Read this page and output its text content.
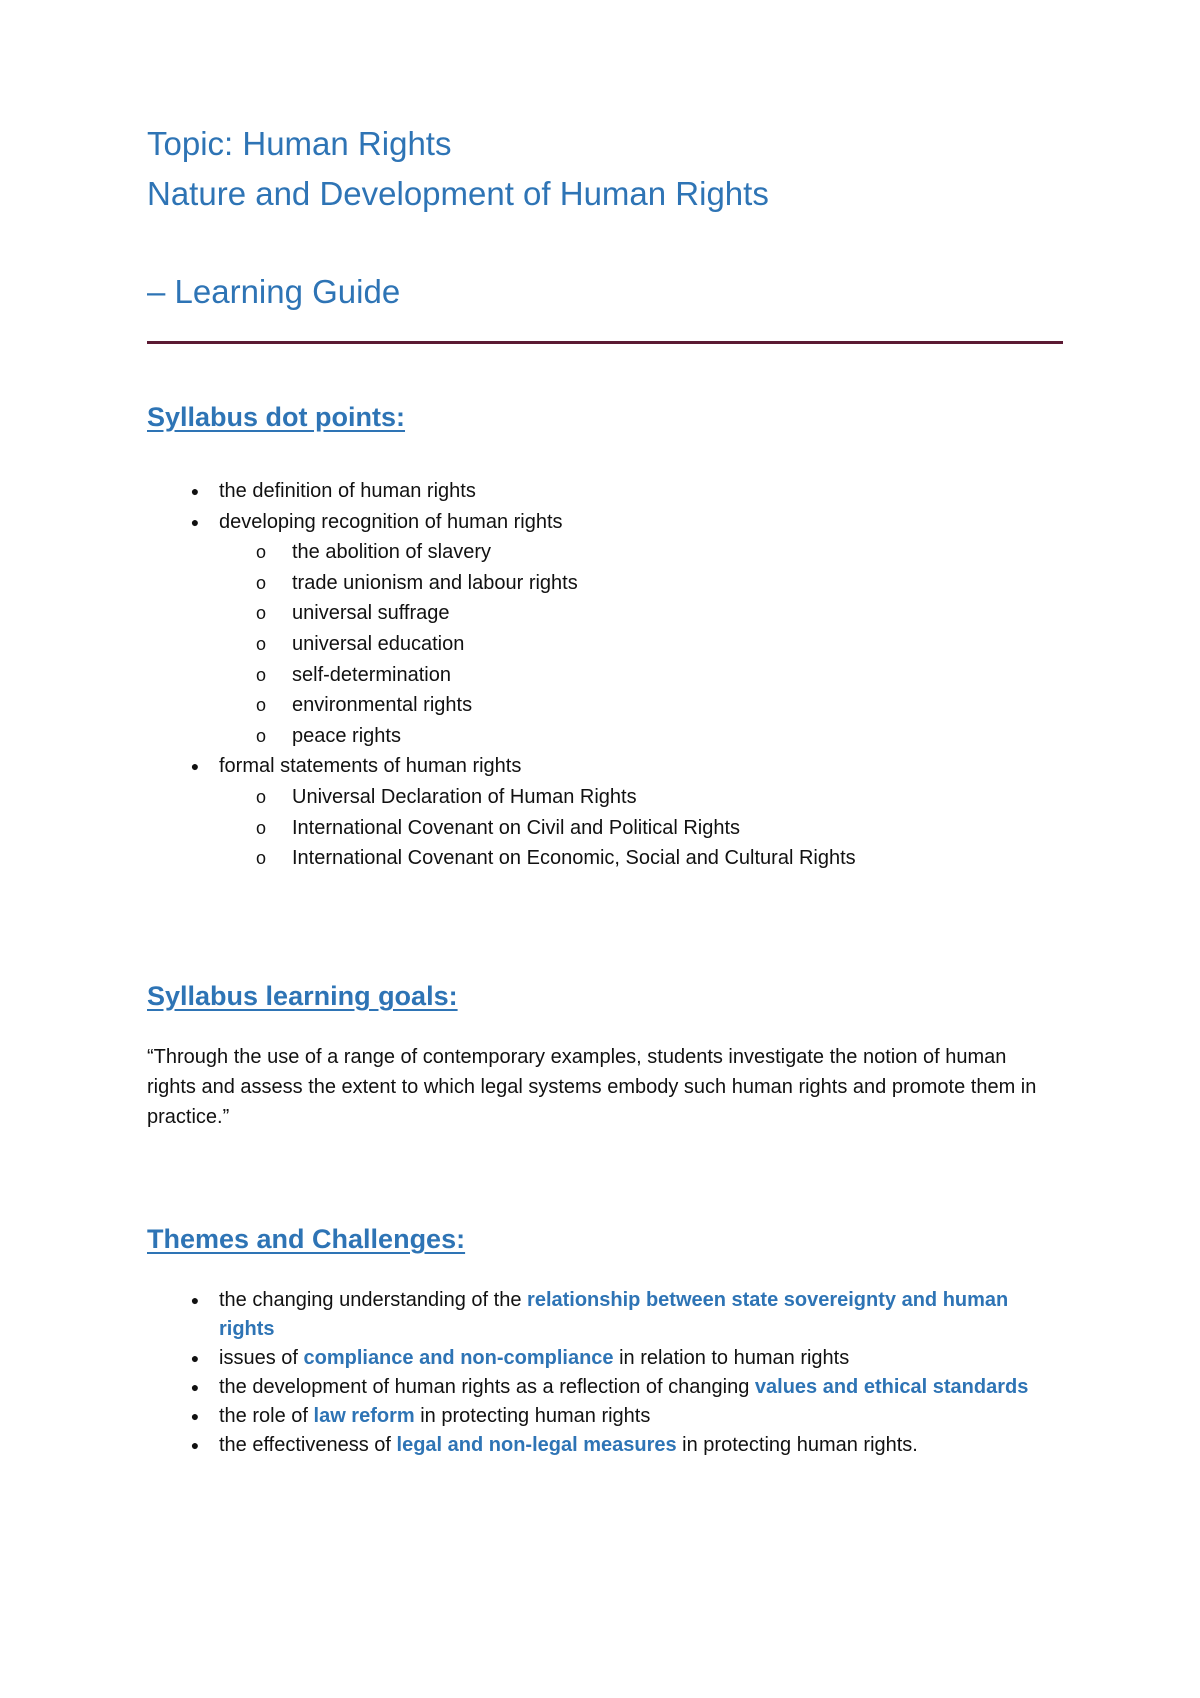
Topic: Human Rights
Nature and Development of Human Rights
– Learning Guide
Syllabus dot points:
● the definition of human rights
● developing recognition of human rights
o the abolition of slavery
o trade unionism and labour rights
o universal suffrage
o universal education
o self-determination
o environmental rights
o peace rights
● formal statements of human rights
o Universal Declaration of Human Rights
o International Covenant on Civil and Political Rights
o International Covenant on Economic, Social and Cultural Rights
Syllabus learning goals:
“Through the use of a range of contemporary examples, students investigate the notion of human rights and assess the extent to which legal systems embody such human rights and promote them in practice.”
Themes and Challenges:
● the changing understanding of the relationship between state sovereignty and human rights
● issues of compliance and non-compliance in relation to human rights
● the development of human rights as a reflection of changing values and ethical standards
● the role of law reform in protecting human rights
● the effectiveness of legal and non-legal measures in protecting human rights.
